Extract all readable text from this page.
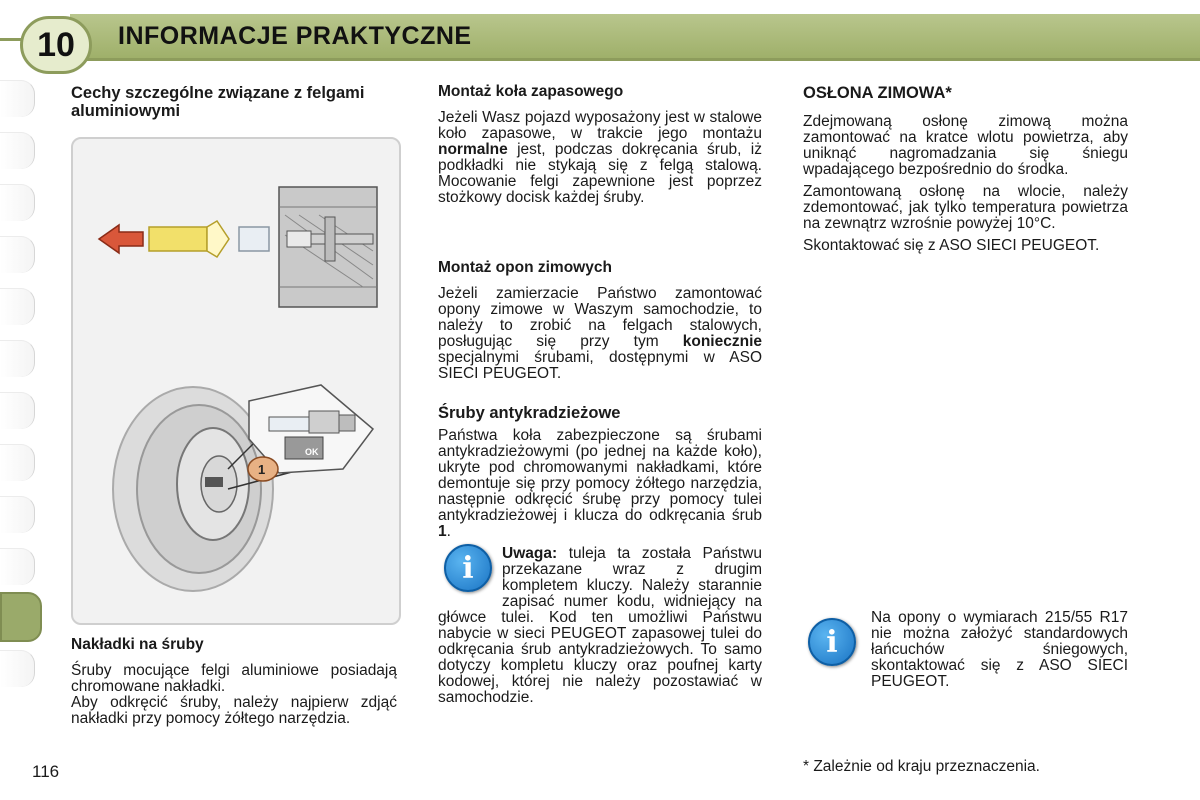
10	INFORMACJE PRAKTYCZNE
Cechy szczególne związane z felgami aluminiowymi
OK
1
Nakładki na śruby

Śruby mocujące felgi aluminiowe posiadają chromowane nakładki.

Aby odkręcić śruby, należy najpierw zdjąć nakładki przy pomocy żółtego narzędzia.

Montaż koła zapasowego

Jeżeli Wasz pojazd wyposażony jest w stalowe koło zapasowe, w trakcie jego montażu normalne jest, podczas dokręcania śrub, iż podkładki nie stykają się z felgą stalową. Mocowanie felgi zapewnione jest poprzez stożkowy docisk każdej śruby.

Montaż opon zimowych

Jeżeli zamierzacie Państwo zamontować opony zimowe w Waszym samochodzie, to należy to zrobić na felgach stalowych, posługując się przy tym koniecznie specjalnymi śrubami, dostępnymi w ASO SIECI PEUGEOT.

Śruby antykradzieżowe

Państwa koła zabezpieczone są śrubami antykradzieżowymi (po jednej na każde koło), ukryte pod chromowanymi nakładkami, które demontuje się przy pomocy żółtego narzędzia, następnie odkręcić śrubę przy pomocy tulei antykradzieżowej i klucza do odkręcania śrub 1.

Uwaga: tuleja ta została Państwu przekazane wraz z drugim kompletem kluczy. Należy starannie zapisać numer kodu, widniejący na główce tulei. Kod ten umożliwi Państwu nabycie w sieci PEUGEOT zapasowej tulei do odkręcania śrub antykradzieżowych. To samo dotyczy kompletu kluczy oraz poufnej karty kodowej, której nie należy pozostawiać w samochodzie.

i
OSŁONA ZIMOWA*

Zdejmowaną osłonę zimową można zamontować na kratce wlotu powietrza, aby uniknąć nagromadzania się śniegu wpadającego bezpośrednio do środka.

Zamontowaną osłonę na wlocie, należy zdemontować, jak tylko temperatura powietrza na zewnątrz wzrośnie powyżej 10°C.

Skontaktować się z ASO SIECI PEUGEOT.

i

Na opony o wymiarach 215/55 R17 nie można założyć standardowych łańcuchów śniegowych, skontaktować się z ASO SIECI PEUGEOT.

* Zależnie od kraju przeznaczenia.
116
